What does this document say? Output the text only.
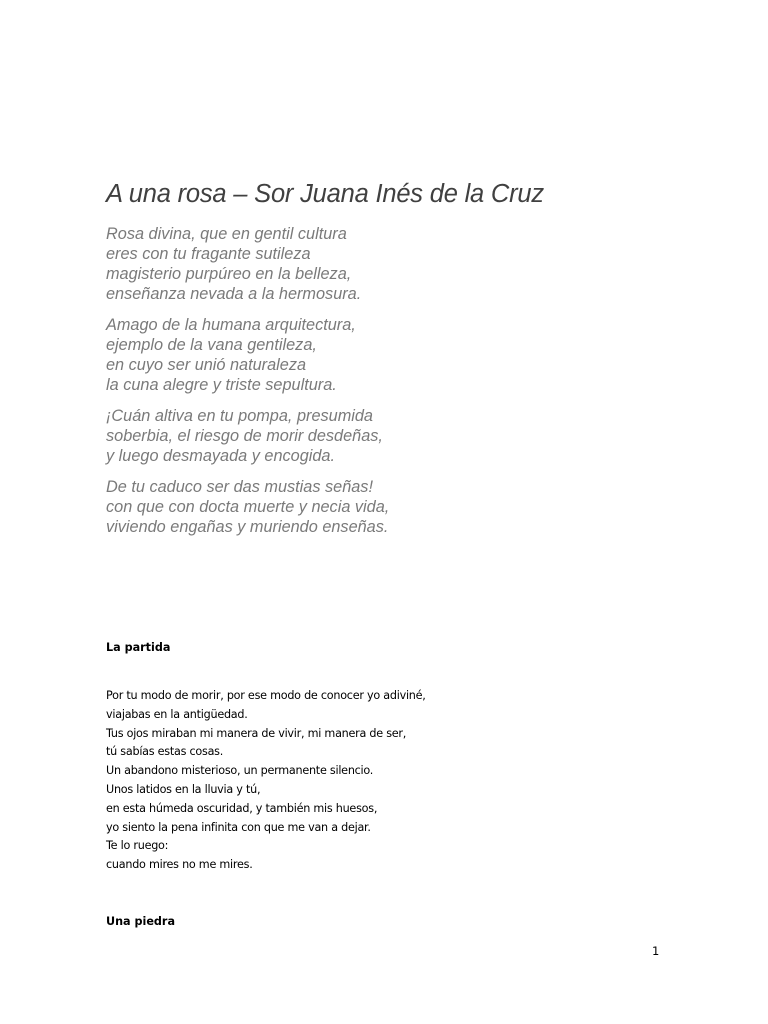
A una rosa – Sor Juana Inés de la Cruz
Rosa divina, que en gentil cultura
eres con tu fragante sutileza
magisterio purpúreo en la belleza,
enseñanza nevada a la hermosura.
Amago de la humana arquitectura,
ejemplo de la vana gentileza,
en cuyo ser unió naturaleza
la cuna alegre y triste sepultura.
¡Cuán altiva en tu pompa, presumida
soberbia, el riesgo de morir desdeñas,
y luego desmayada y encogida.
De tu caduco ser das mustias señas!
con que con docta muerte y necia vida,
viviendo engañas y muriendo enseñas.
La partida
Por tu modo de morir, por ese modo de conocer yo adiviné,
viajabas en la antigüedad.
Tus ojos miraban mi manera de vivir, mi manera de ser,
tú sabías estas cosas.
Un abandono misterioso, un permanente silencio.
Unos latidos en la lluvia y tú,
en esta húmeda oscuridad, y también mis huesos,
yo siento la pena infinita con que me van a dejar.
Te lo ruego:
cuando mires no me mires.
Una piedra
1
